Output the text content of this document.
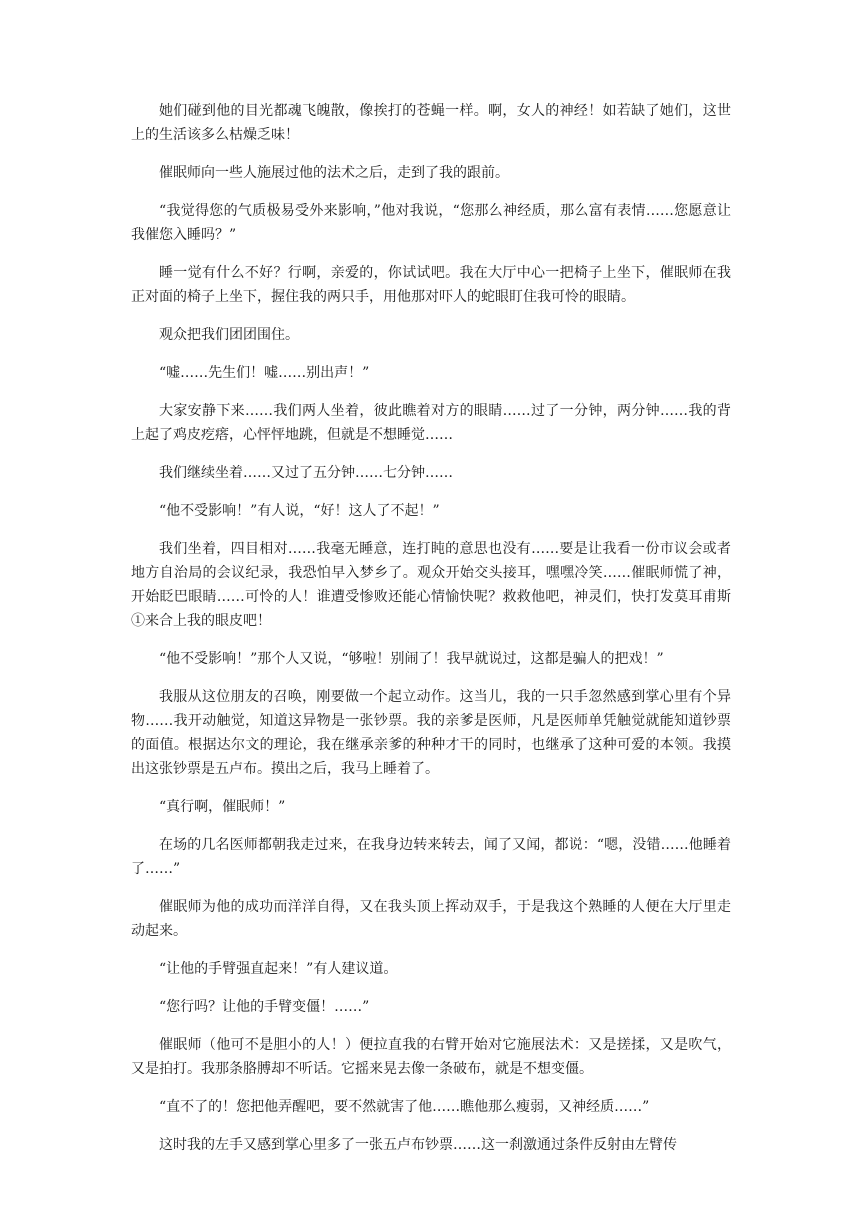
她们碰到他的目光都魂飞魄散，像挨打的苍蝇一样。啊，女人的神经！如若缺了她们，这世上的生活该多么枯燥乏味！

催眠师向一些人施展过他的法术之后，走到了我的跟前。

“我觉得您的气质极易受外来影响，”他对我说，“您那么神经质，那么富有表情……您愿意让我催您入睡吗？”

睡一觉有什么不好？行啊，亲爱的，你试试吧。我在大厅中心一把椅子上坐下，催眠师在我正对面的椅子上坐下，握住我的两只手，用他那对吓人的蛇眼盯住我可怜的眼睛。

观众把我们团团围住。

“嘘……先生们！嘘……别出声！”

大家安静下来……我们两人坐着，彼此瞧着对方的眼睛……过了一分钟，两分钟……我的背上起了鸡皮疙瘩，心怦怦地跳，但就是不想睡觉……

我们继续坐着……又过了五分钟……七分钟……

“他不受影响！”有人说，“好！这人了不起！”

我们坐着，四目相对……我毫无睡意，连打盹的意思也没有……要是让我看一份市议会或者地方自治局的会议纪录，我恐怕早入梦乡了。观众开始交头接耳，嘿嘿冷笑……催眠师慌了神，开始眨巴眼睛……可怜的人！谁遭受惨败还能心情愉快呢？救救他吧，神灵们，快打发莫耳甫斯①来合上我的眼皮吧！

“他不受影响！”那个人又说，“够啦！别闹了！我早就说过，这都是骗人的把戏！”

我服从这位朋友的召唤，刚要做一个起立动作。这当儿，我的一只手忽然感到掌心里有个异物……我开动触觉，知道这异物是一张钞票。我的亲爹是医师，凡是医师单凭触觉就能知道钞票的面值。根据达尔文的理论，我在继承亲爹的种种才干的同时，也继承了这种可爱的本领。我摸出这张钞票是五卢布。摸出之后，我马上睡着了。

“真行啊，催眠师！”

在场的几名医师都朝我走过来，在我身边转来转去，闻了又闻，都说：“嗯，没错……他睡着了……”

催眠师为他的成功而洋洋自得，又在我头顶上挥动双手，于是我这个熟睡的人便在大厅里走动起来。

“让他的手臂强直起来！”有人建议道。

“您行吗？让他的手臂变僵！……”

催眠师（他可不是胆小的人！）便拉直我的右臂开始对它施展法术：又是搓揉，又是吹气，又是拍打。我那条胳膊却不听话。它摇来晃去像一条破布，就是不想变僵。

“直不了的！您把他弄醒吧，要不然就害了他……瞧他那么瘦弱，又神经质……”

这时我的左手又感到掌心里多了一张五卢布钞票……这一刹激通过条件反射由左臂传
